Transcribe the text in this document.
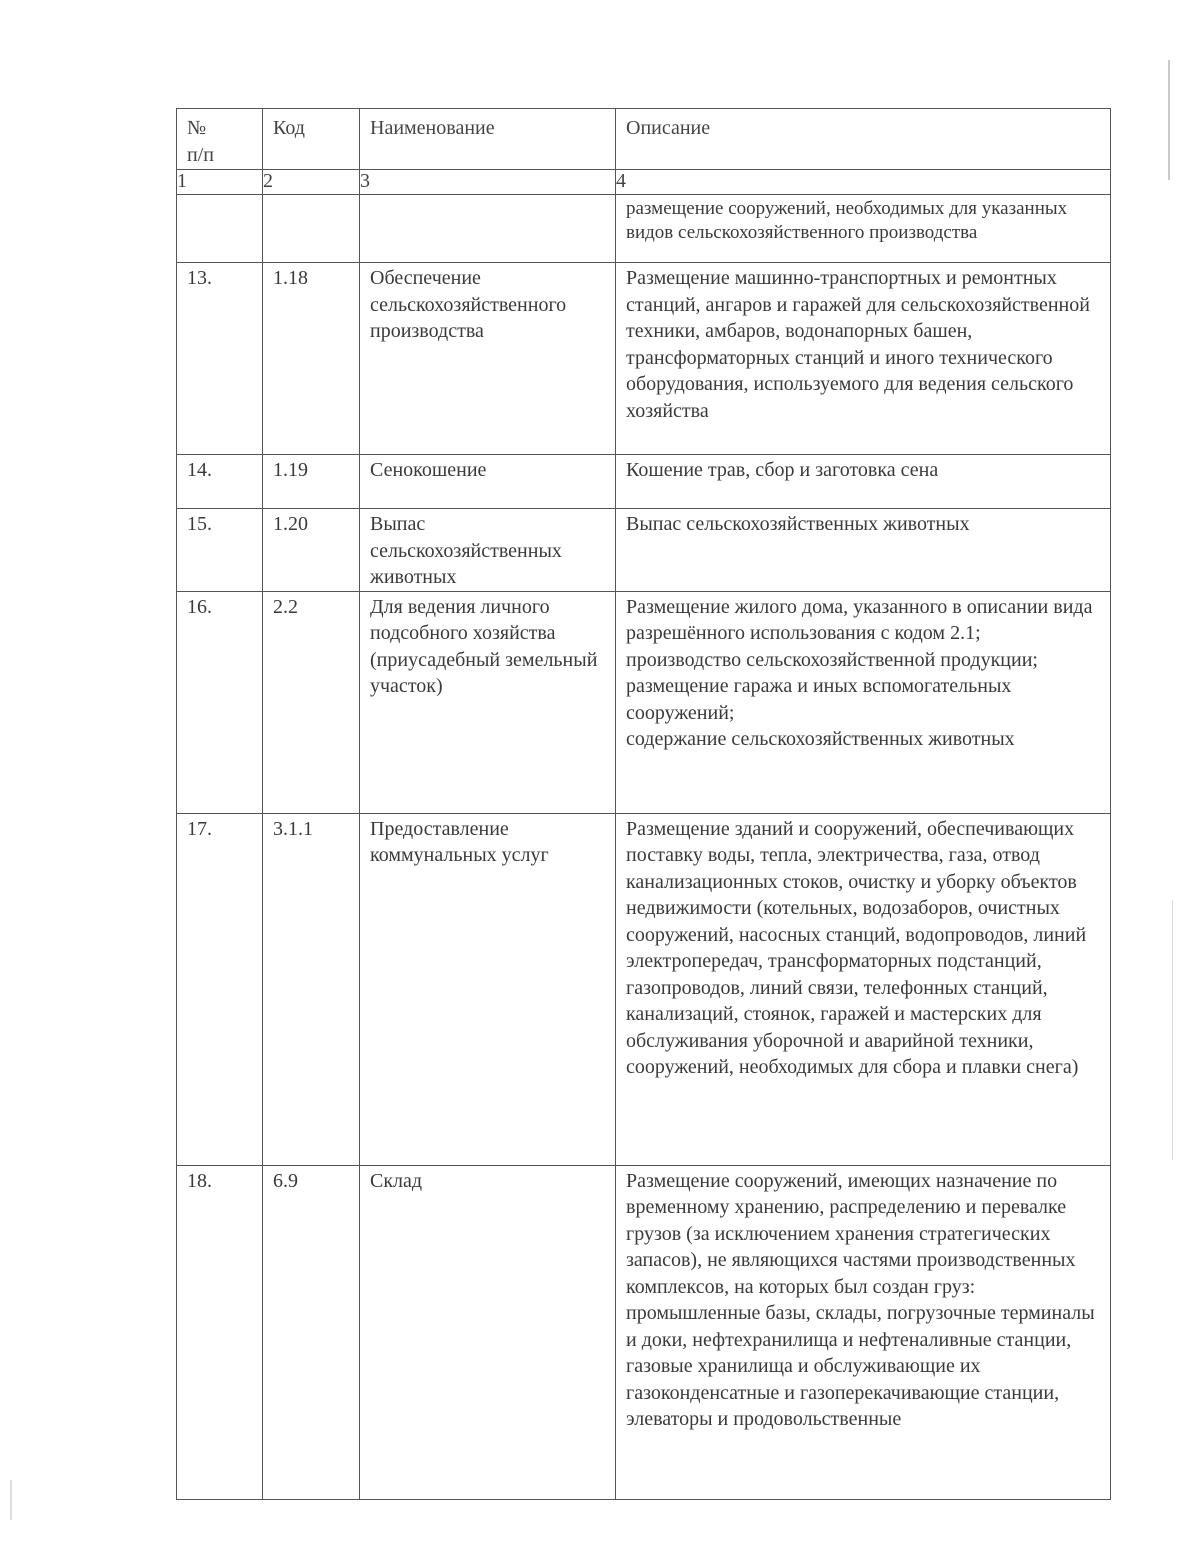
№
п/п	Код	Наименование	Описание
1	2	3	4
			размещение сооружений, необходимых для указанных видов сельскохозяйственного производства
13.	1.18	Обеспечение сельскохозяйственного производства	Размещение машинно-транспортных и ремонтных станций, ангаров и гаражей для сельскохозяйственной техники, амбаров, водонапорных башен, трансформаторных станций и иного технического оборудования, используемого для ведения сельского хозяйства
14.	1.19	Сенокошение	Кошение трав, сбор и заготовка сена
15.	1.20	Выпас сельскохозяйственных животных	Выпас сельскохозяйственных животных
16.	2.2	Для ведения личного подсобного хозяйства (приусадебный земельный участок)	Размещение жилого дома, указанного в описании вида разрешённого использования с кодом 2.1;
производство сельскохозяйственной продукции;
размещение гаража и иных вспомогательных сооружений;
содержание сельскохозяйственных животных

17.	3.1.1	Предоставление коммунальных услуг	Размещение зданий и сооружений, обеспечивающих поставку воды, тепла, электричества, газа, отвод канализационных стоков, очистку и уборку объектов недвижимости (котельных, водозаборов, очистных сооружений, насосных станций, водопроводов, линий электропередач, трансформаторных подстанций, газопроводов, линий связи, телефонных станций, канализаций, стоянок, гаражей и мастерских для обслуживания уборочной и аварийной техники, сооружений, необходимых для сбора и плавки снега)
18.	6.9	Склад	Размещение сооружений, имеющих назначение по временному хранению, распределению и перевалке грузов (за исключением хранения стратегических запасов), не являющихся частями производственных комплексов, на которых был создан груз: промышленные базы, склады, погрузочные терминалы и доки, нефтехранилища и нефтеналивные станции, газовые хранилища и обслуживающие их газоконденсатные и газоперекачивающие станции, элеваторы и продовольственные
